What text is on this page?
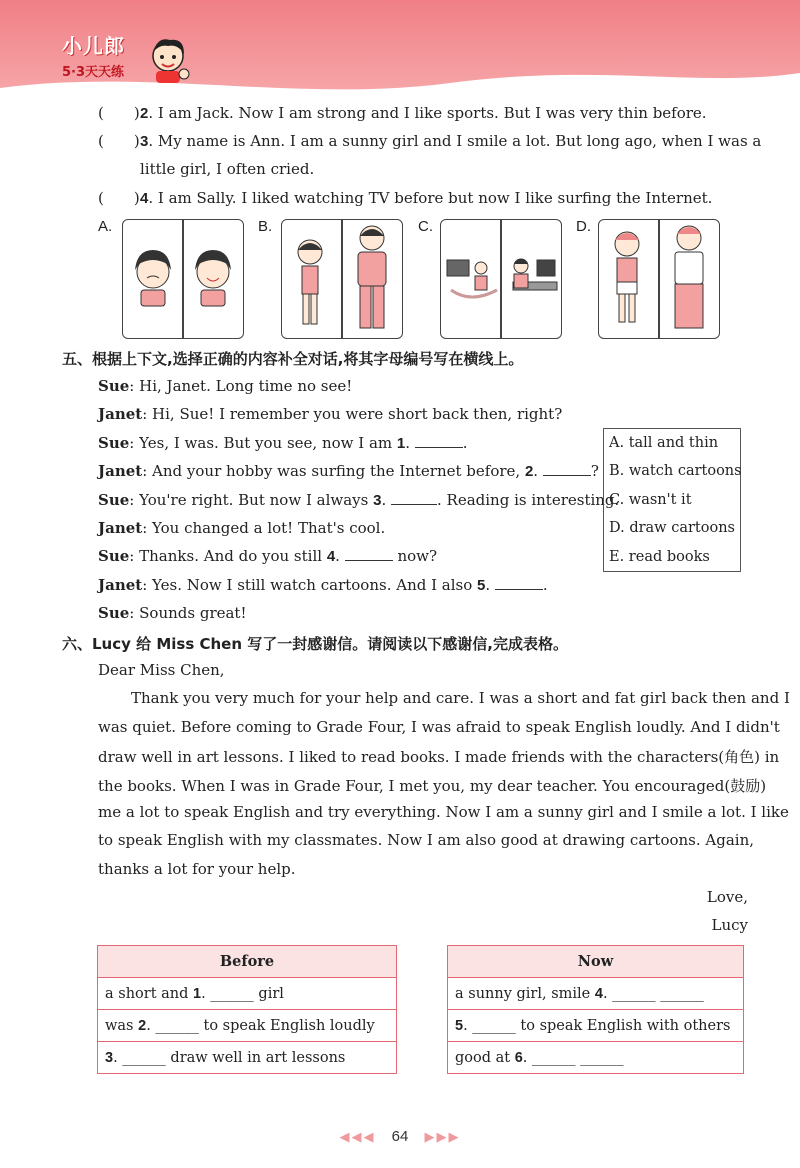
小儿郎
5·3天天练
( ) 2. I am Jack. Now I am strong and I like sports. But I was very thin before.
( ) 3. My name is Ann. I am a sunny girl and I smile a lot. But long ago, when I was a
little girl, I often cried.
( ) 4. I am Sally. I liked watching TV before but now I like surfing the Internet.
A.	B.	C.	D.
五、根据上下文,选择正确的内容补全对话,将其字母编号写在横线上。
Sue: Hi, Janet. Long time no see!
Janet: Hi, Sue! I remember you were short back then, right?
Sue: Yes, I was. But you see, now I am 1.	.
Janet: And your hobby was surfing the Internet before, 2.	?
Sue: You're right. But now I always 3.	. Reading is interesting.
Janet: You changed a lot! That's cool.
Sue: Thanks. And do you still 4.	now?
Janet: Yes. Now I still watch cartoons. And I also 5.	.
Sue: Sounds great!
A. tall and thin
B. watch cartoons
C. wasn't it
D. draw cartoons
E. read books
六、Lucy 给 Miss Chen 写了一封感谢信。请阅读以下感谢信,完成表格。
Dear Miss Chen,
Thank you very much for your help and care. I was a short and fat girl back then and I
was quiet. Before coming to Grade Four, I was afraid to speak English loudly. And I didn't
draw well in art lessons. I liked to read books. I made friends with the characters(角色) in
the books. When I was in Grade Four, I met you, my dear teacher. You encouraged(鼓励)
me a lot to speak English and try everything. Now I am a sunny girl and I smile a lot. I like
to speak English with my classmates. Now I am also good at drawing cartoons. Again,
thanks a lot for your help.
Love,
Lucy
Before
a short and 1. ______ girl
was 2. ______ to speak English loudly
3. ______ draw well in art lessons
Now
a sunny girl, smile 4. ______ ______
5. ______ to speak English with others
good at 6. ______ ______
◀◀◀ 64 ▶▶▶
